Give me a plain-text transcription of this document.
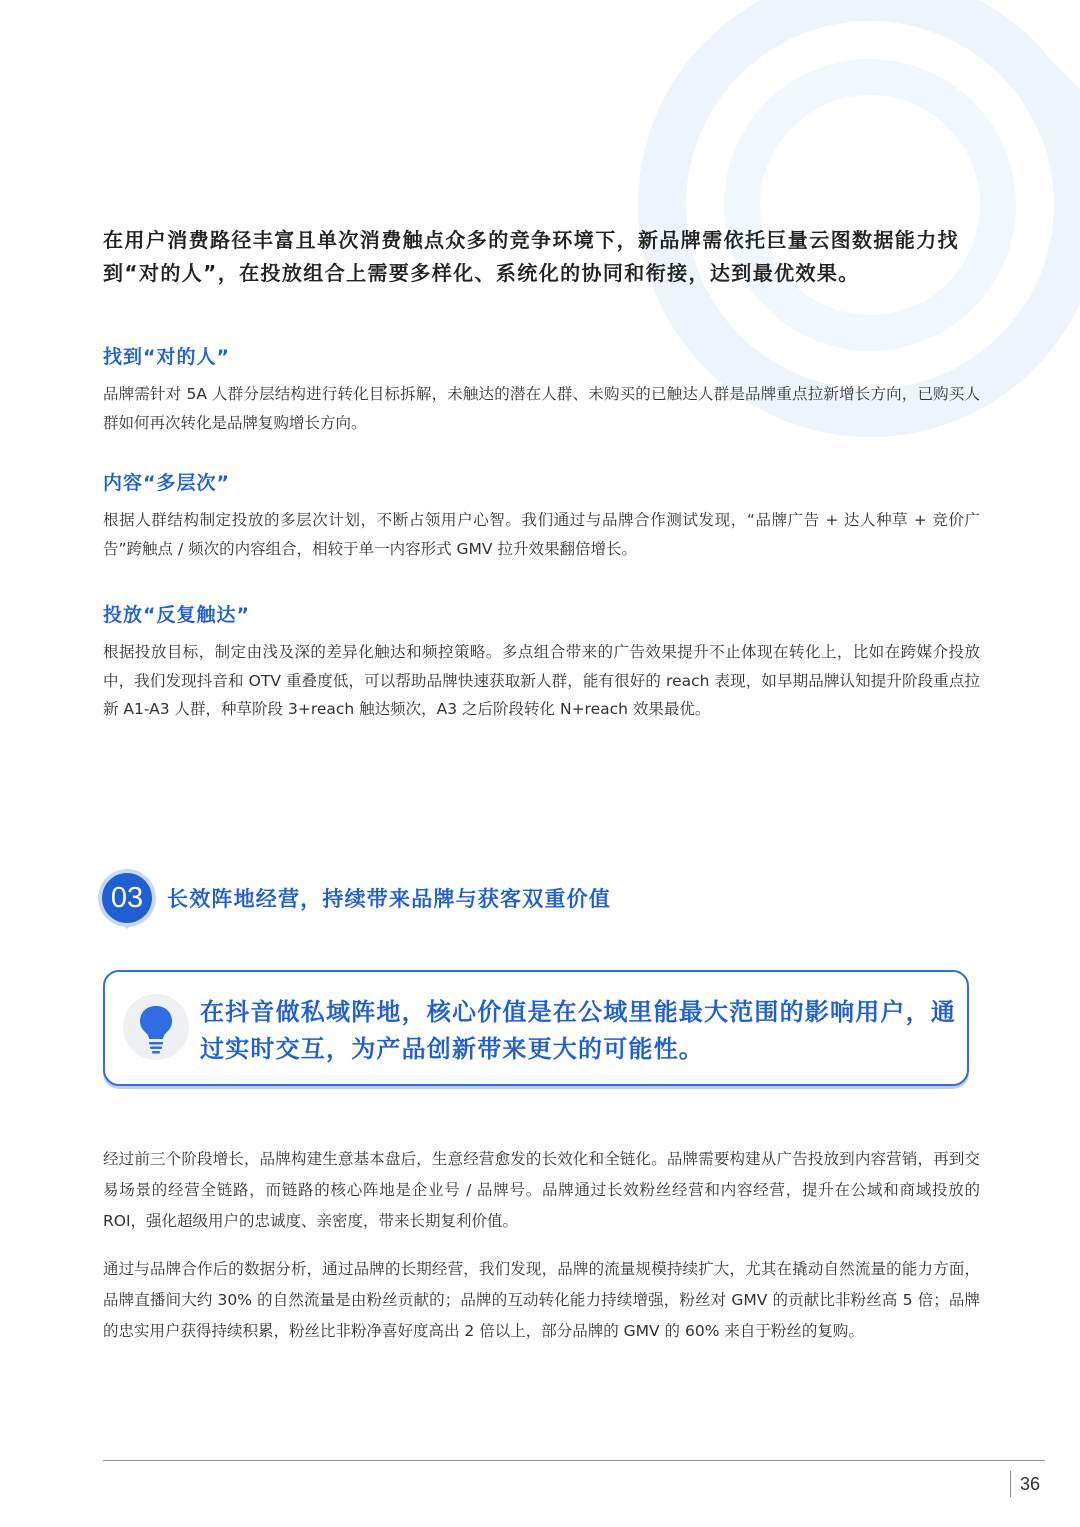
在用户消费路径丰富且单次消费触点众多的竞争环境下，新品牌需依托巨量云图数据能力找到“对的人”，在投放组合上需要多样化、系统化的协同和衔接，达到最优效果。

找到“对的人”

品牌需针对 5A 人群分层结构进行转化目标拆解，未触达的潜在人群、未购买的已触达人群是品牌重点拉新增长方向，已购买人群如何再次转化是品牌复购增长方向。

内容“多层次”

根据人群结构制定投放的多层次计划，不断占领用户心智。我们通过与品牌合作测试发现，“品牌广告 + 达人种草 + 竞价广告”跨触点 / 频次的内容组合，相较于单一内容形式 GMV 拉升效果翻倍增长。

投放“反复触达”

根据投放目标，制定由浅及深的差异化触达和频控策略。多点组合带来的广告效果提升不止体现在转化上，比如在跨媒介投放中，我们发现抖音和 OTV 重叠度低，可以帮助品牌快速获取新人群，能有很好的 reach 表现，如早期品牌认知提升阶段重点拉新 A1-A3 人群，种草阶段 3+reach 触达频次，A3 之后阶段转化 N+reach 效果最优。

03	长效阵地经营，持续带来品牌与获客双重价值

在抖音做私域阵地，核心价值是在公域里能最大范围的影响用户，通过实时交互，为产品创新带来更大的可能性。

经过前三个阶段增长，品牌构建生意基本盘后，生意经营愈发的长效化和全链化。品牌需要构建从广告投放到内容营销，再到交易场景的经营全链路，而链路的核心阵地是企业号 / 品牌号。品牌通过长效粉丝经营和内容经营，提升在公域和商域投放的 ROI，强化超级用户的忠诚度、亲密度，带来长期复利价值。

通过与品牌合作后的数据分析，通过品牌的长期经营，我们发现，品牌的流量规模持续扩大，尤其在撬动自然流量的能力方面，品牌直播间大约 30% 的自然流量是由粉丝贡献的；品牌的互动转化能力持续增强，粉丝对 GMV 的贡献比非粉丝高 5 倍；品牌的忠实用户获得持续积累，粉丝比非粉净喜好度高出 2 倍以上，部分品牌的 GMV 的 60% 来自于粉丝的复购。

36
